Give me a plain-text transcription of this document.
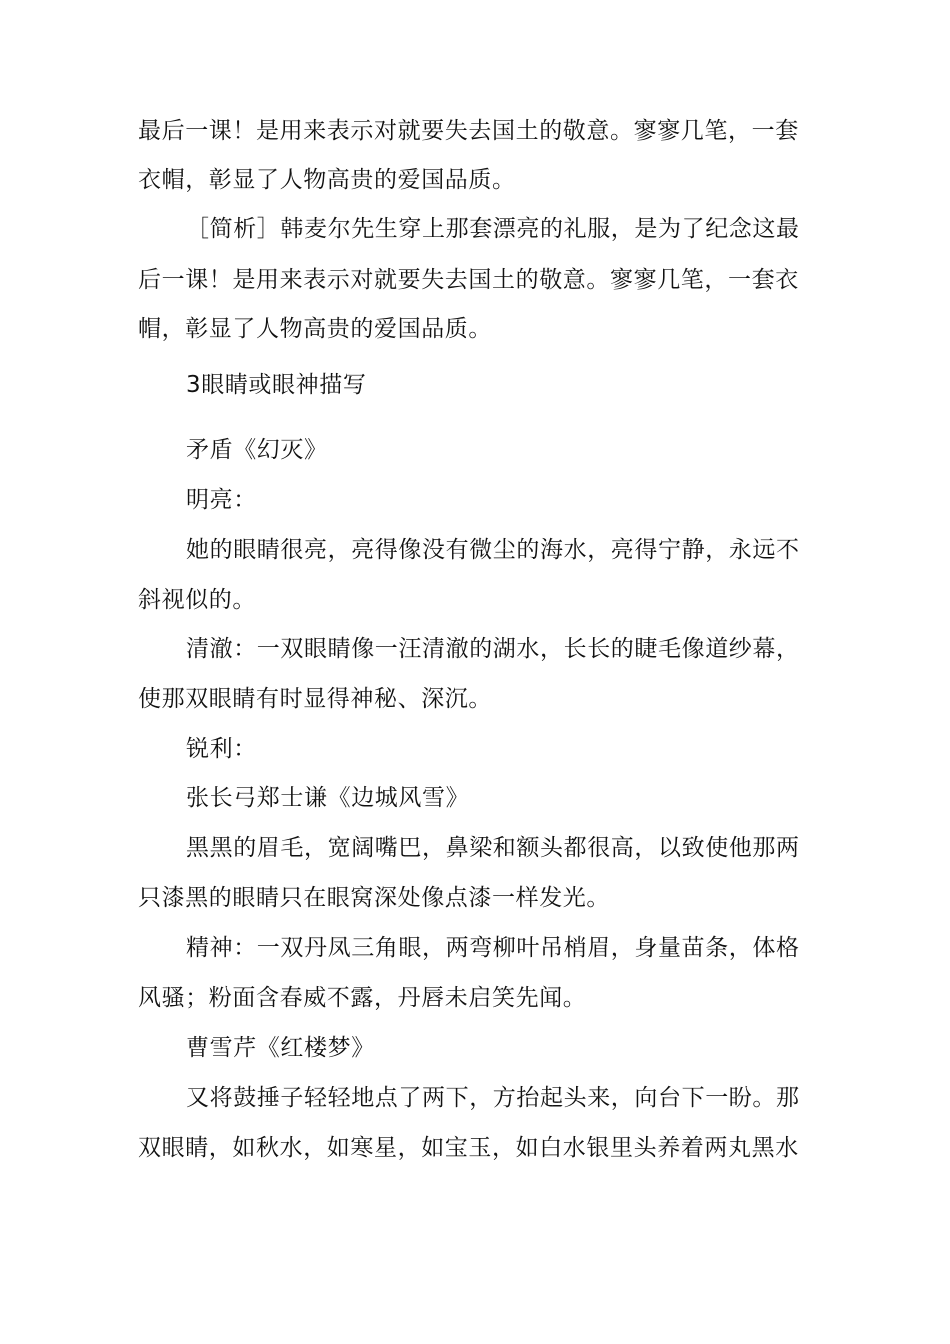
最后一课！是用来表示对就要失去国土的敬意。寥寥几笔，一套
衣帽，彰显了人物高贵的爱国品质。
［简析］韩麦尔先生穿上那套漂亮的礼服，是为了纪念这最
后一课！是用来表示对就要失去国土的敬意。寥寥几笔，一套衣
帽，彰显了人物高贵的爱国品质。
3眼睛或眼神描写
矛盾《幻灭》
明亮：
她的眼睛很亮，亮得像没有微尘的海水，亮得宁静，永远不
斜视似的。
清澈：一双眼睛像一汪清澈的湖水，长长的睫毛像道纱幕，
使那双眼睛有时显得神秘、深沉。
锐利：
张长弓郑士谦《边城风雪》
黑黑的眉毛，宽阔嘴巴，鼻梁和额头都很高，以致使他那两
只漆黑的眼睛只在眼窝深处像点漆一样发光。
精神：一双丹凤三角眼，两弯柳叶吊梢眉，身量苗条，体格
风骚；粉面含春威不露，丹唇未启笑先闻。
曹雪芹《红楼梦》
又将鼓捶子轻轻地点了两下，方抬起头来，向台下一盼。那
双眼睛，如秋水，如寒星，如宝玉，如白水银里头养着两丸黑水
